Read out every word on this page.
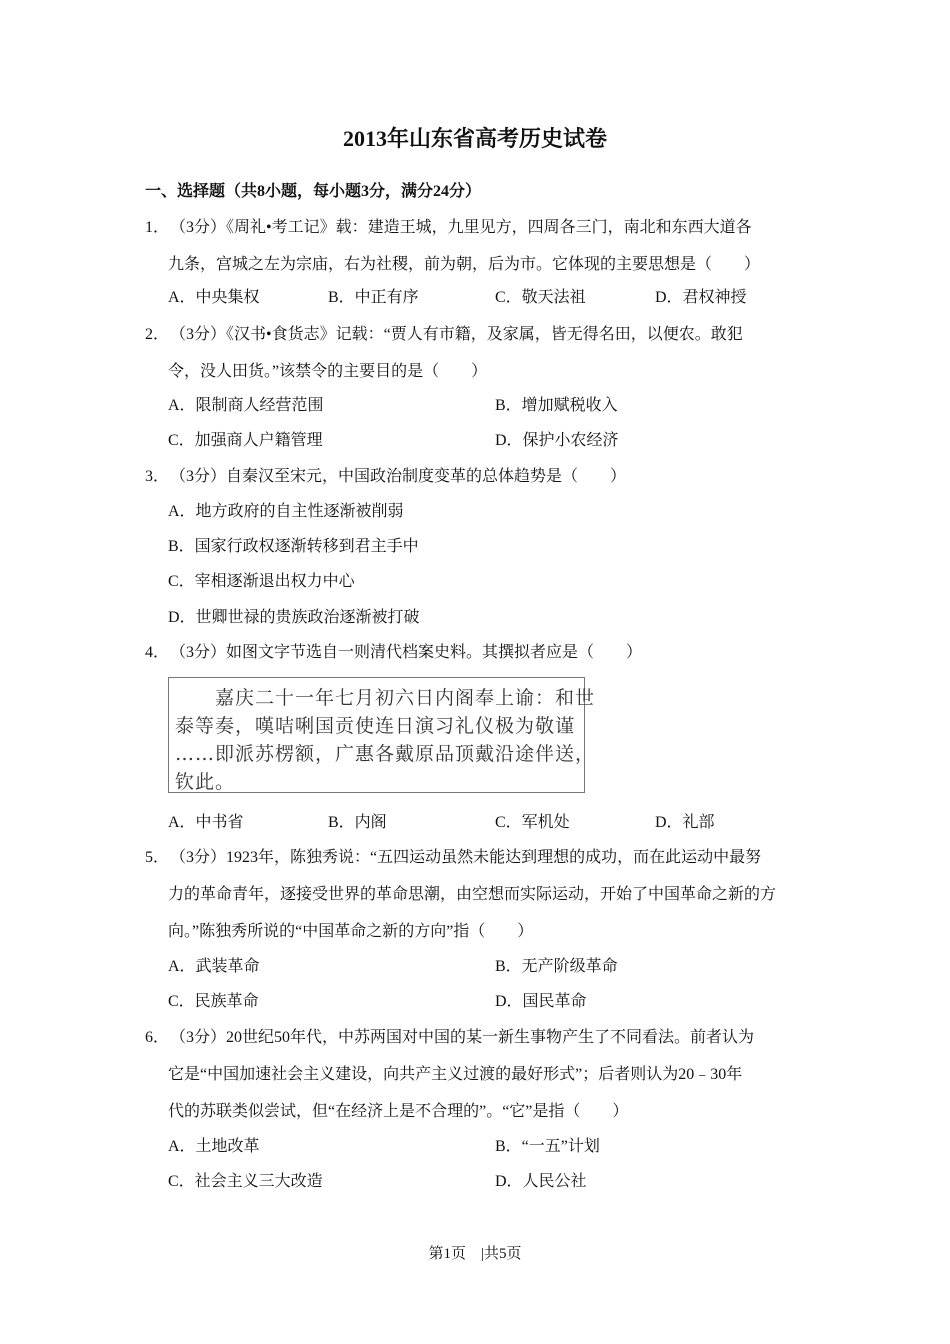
2013年山东省高考历史试卷
一、选择题（共8小题，每小题3分，满分24分）
1． （3分）《周礼•考工记》载：建造王城，九里见方，四周各三门，南北和东西大道各
九条，宫城之左为宗庙，右为社稷，前为朝，后为市。它体现的主要思想是（　　）
A．中央集权	B．中正有序	C．敬天法祖	D．君权神授
2． （3分）《汉书•食货志》记载：“贾人有市籍，及家属，皆无得名田，以便农。敢犯
令，没人田货。”该禁令的主要目的是（　　）
A．限制商人经营范围	B．增加赋税收入
C．加强商人户籍管理	D．保护小农经济
3． （3分）自秦汉至宋元，中国政治制度变革的总体趋势是（　　）
A．地方政府的自主性逐渐被削弱
B．国家行政权逐渐转移到君主手中
C．宰相逐渐退出权力中心
D．世卿世禄的贵族政治逐渐被打破
4． （3分）如图文字节选自一则清代档案史料。其撰拟者应是（　　）
　　嘉庆二十一年七月初六日内阁奉上谕：和世
泰等奏，嘆咭唎国贡使连日演习礼仪极为敬谨
……即派苏楞额，广惠各戴原品顶戴沿途伴送，
钦此。
A．中书省	B．内阁	C．军机处	D．礼部
5． （3分）1923年，陈独秀说：“五四运动虽然未能达到理想的成功，而在此运动中最努
力的革命青年，逐接受世界的革命思潮，由空想而实际运动，开始了中国革命之新的方
向。”陈独秀所说的“中国革命之新的方向”指（　　）
A．武装革命	B．无产阶级革命
C．民族革命	D．国民革命
6． （3分）20世纪50年代，中苏两国对中国的某一新生事物产生了不同看法。前者认为
它是“中国加速社会主义建设，向共产主义过渡的最好形式”；后者则认为20﹣30年
代的苏联类似尝试，但“在经济上是不合理的”。“它”是指（　　）
A．土地改革	B．“一五”计划
C．社会主义三大改造	D．人民公社
第1页　|共5页
